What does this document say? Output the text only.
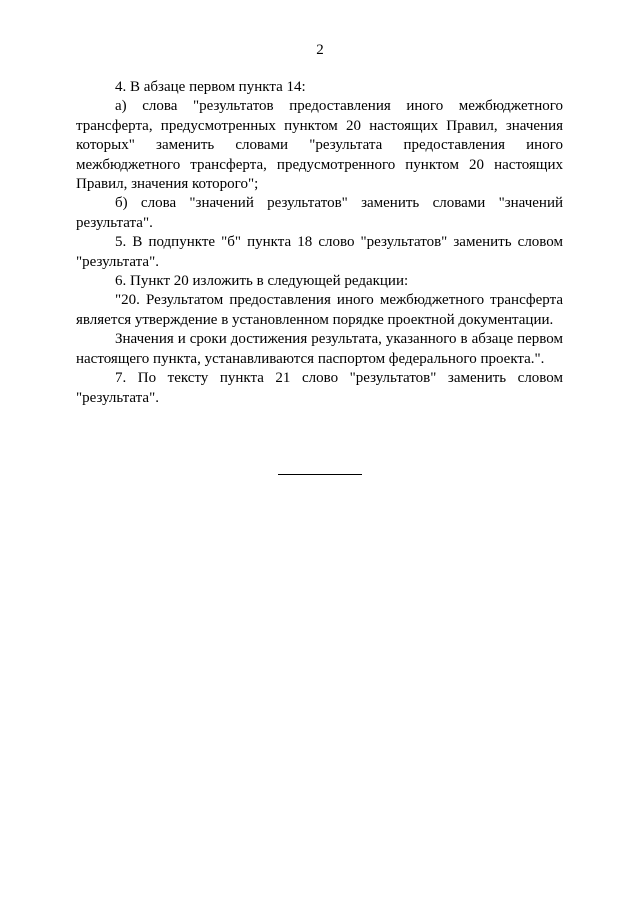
2

4. В абзаце первом пункта 14:

а) слова "результатов предоставления иного межбюджетного трансферта, предусмотренных пунктом 20 настоящих Правил, значения которых" заменить словами "результата предоставления иного межбюджетного трансферта, предусмотренного пунктом 20 настоящих Правил, значения которого";

б) слова "значений результатов" заменить словами "значений результата".

5. В подпункте "б" пункта 18 слово "результатов" заменить словом "результата".

6. Пункт 20 изложить в следующей редакции:

"20. Результатом предоставления иного межбюджетного трансферта является утверждение в установленном порядке проектной документации.

Значения и сроки достижения результата, указанного в абзаце первом настоящего пункта, устанавливаются паспортом федерального проекта.".

7. По тексту пункта 21 слово "результатов" заменить словом "результата".
